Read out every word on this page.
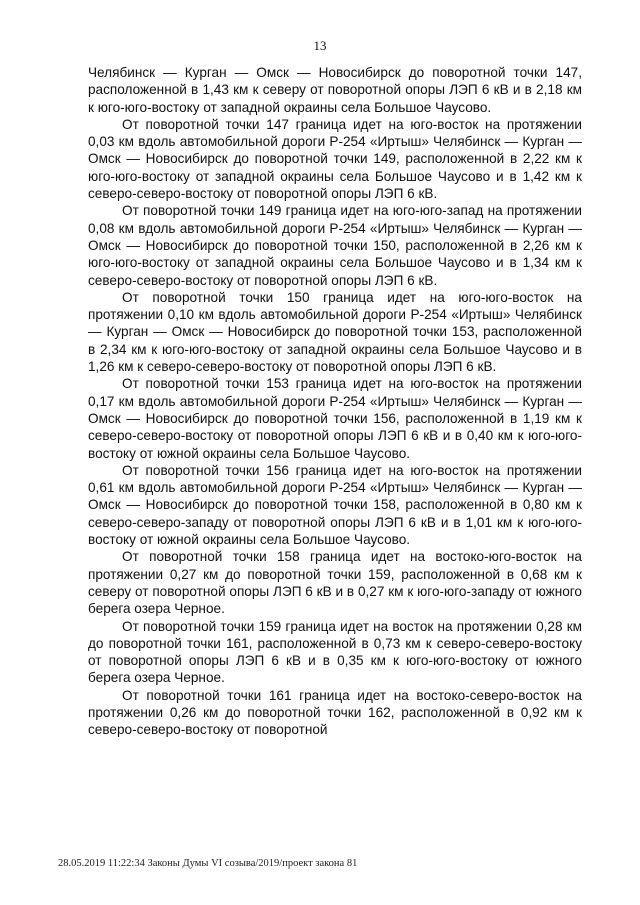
13

Челябинск — Курган — Омск — Новосибирск до поворотной точки 147, расположенной в 1,43 км к северу от поворотной опоры ЛЭП 6 кВ и в 2,18 км к юго-юго-востоку от западной окраины села Большое Чаусово.

От поворотной точки 147 граница идет на юго-восток на протяжении 0,03 км вдоль автомобильной дороги Р-254 «Иртыш» Челябинск — Курган — Омск — Новосибирск до поворотной точки 149, расположенной в 2,22 км к юго-юго-востоку от западной окраины села Большое Чаусово и в 1,42 км к северо-северо-востоку от поворотной опоры ЛЭП 6 кВ.

От поворотной точки 149 граница идет на юго-юго-запад на протяжении 0,08 км вдоль автомобильной дороги Р-254 «Иртыш» Челябинск — Курган — Омск — Новосибирск до поворотной точки 150, расположенной в 2,26 км к юго-юго-востоку от западной окраины села Большое Чаусово и в 1,34 км к северо-северо-востоку от поворотной опоры ЛЭП 6 кВ.

От поворотной точки 150 граница идет на юго-юго-восток на протяжении 0,10 км вдоль автомобильной дороги Р-254 «Иртыш» Челябинск — Курган — Омск — Новосибирск до поворотной точки 153, расположенной в 2,34 км к юго-юго-востоку от западной окраины села Большое Чаусово и в 1,26 км к северо-северо-востоку от поворотной опоры ЛЭП 6 кВ.

От поворотной точки 153 граница идет на юго-восток на протяжении 0,17 км вдоль автомобильной дороги Р-254 «Иртыш» Челябинск — Курган — Омск — Новосибирск до поворотной точки 156, расположенной в 1,19 км к северо-северо-востоку от поворотной опоры ЛЭП 6 кВ и в 0,40 км к юго-юго-востоку от южной окраины села Большое Чаусово.

От поворотной точки 156 граница идет на юго-восток на протяжении 0,61 км вдоль автомобильной дороги Р-254 «Иртыш» Челябинск — Курган — Омск — Новосибирск до поворотной точки 158, расположенной в 0,80 км к северо-северо-западу от поворотной опоры ЛЭП 6 кВ и в 1,01 км к юго-юго-востоку от южной окраины села Большое Чаусово.

От поворотной точки 158 граница идет на востоко-юго-восток на протяжении 0,27 км до поворотной точки 159, расположенной в 0,68 км к северу от поворотной опоры ЛЭП 6 кВ и в 0,27 км к юго-юго-западу от южного берега озера Черное.

От поворотной точки 159 граница идет на восток на протяжении 0,28 км до поворотной точки 161, расположенной в 0,73 км к северо-северо-востоку от поворотной опоры ЛЭП 6 кВ и в 0,35 км к юго-юго-востоку от южного берега озера Черное.

От поворотной точки 161 граница идет на востоко-северо-восток на протяжении 0,26 км до поворотной точки 162, расположенной в 0,92 км к северо-северо-востоку от поворотной

28.05.2019 11:22:34 Законы Думы VI созыва/2019/проект закона 81
